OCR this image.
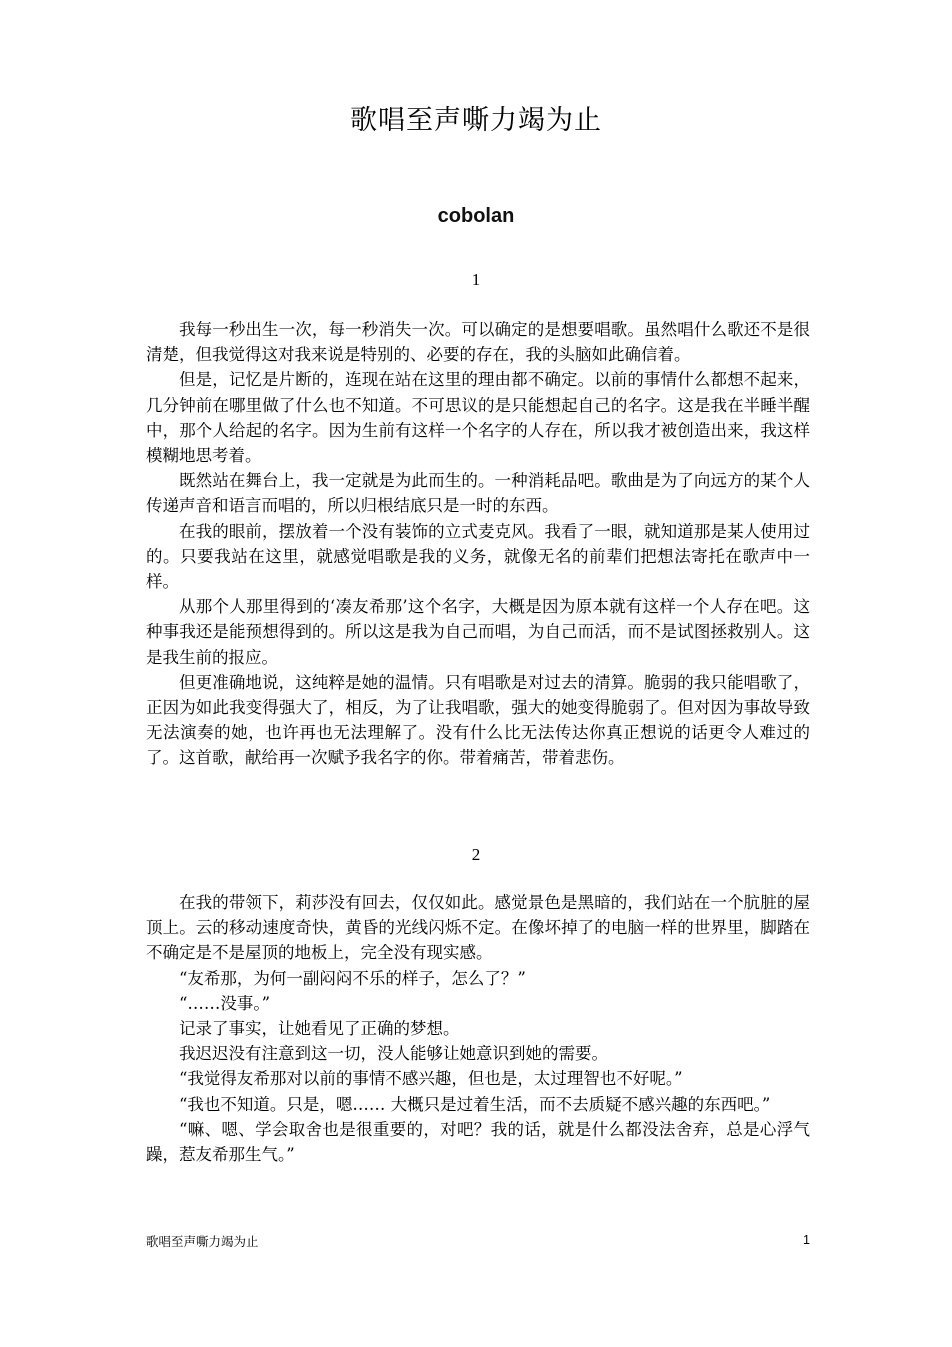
歌唱至声嘶力竭为止
cobolan
1

我每一秒出生一次，每一秒消失一次。可以确定的是想要唱歌。虽然唱什么歌还不是很清楚，但我觉得这对我来说是特别的、必要的存在，我的头脑如此确信着。

但是，记忆是片断的，连现在站在这里的理由都不确定。以前的事情什么都想不起来，几分钟前在哪里做了什么也不知道。不可思议的是只能想起自己的名字。这是我在半睡半醒中，那个人给起的名字。因为生前有这样一个名字的人存在，所以我才被创造出来，我这样模糊地思考着。

既然站在舞台上，我一定就是为此而生的。一种消耗品吧。歌曲是为了向远方的某个人传递声音和语言而唱的，所以归根结底只是一时的东西。

在我的眼前，摆放着一个没有装饰的立式麦克风。我看了一眼，就知道那是某人使用过的。只要我站在这里，就感觉唱歌是我的义务，就像无名的前辈们把想法寄托在歌声中一样。

从那个人那里得到的‘凑友希那’这个名字，大概是因为原本就有这样一个人存在吧。这种事我还是能预想得到的。所以这是我为自己而唱，为自己而活，而不是试图拯救别人。这是我生前的报应。

但更准确地说，这纯粹是她的温情。只有唱歌是对过去的清算。脆弱的我只能唱歌了，正因为如此我变得强大了，相反，为了让我唱歌，强大的她变得脆弱了。但对因为事故导致无法演奏的她，也许再也无法理解了。没有什么比无法传达你真正想说的话更令人难过的了。这首歌，献给再一次赋予我名字的你。带着痛苦，带着悲伤。

2

在我的带领下，莉莎没有回去，仅仅如此。感觉景色是黑暗的，我们站在一个肮脏的屋顶上。云的移动速度奇快，黄昏的光线闪烁不定。在像坏掉了的电脑一样的世界里，脚踏在不确定是不是屋顶的地板上，完全没有现实感。

“友希那，为何一副闷闷不乐的样子，怎么了？”

“……没事。”

记录了事实，让她看见了正确的梦想。

我迟迟没有注意到这一切，没人能够让她意识到她的需要。

“我觉得友希那对以前的事情不感兴趣，但也是，太过理智也不好呢。”

“我也不知道。只是，嗯…… 大概只是过着生活，而不去质疑不感兴趣的东西吧。”

“嘛、嗯、学会取舍也是很重要的，对吧？我的话，就是什么都没法舍弃，总是心浮气躁，惹友希那生气。”

歌唱至声嘶力竭为止	1
